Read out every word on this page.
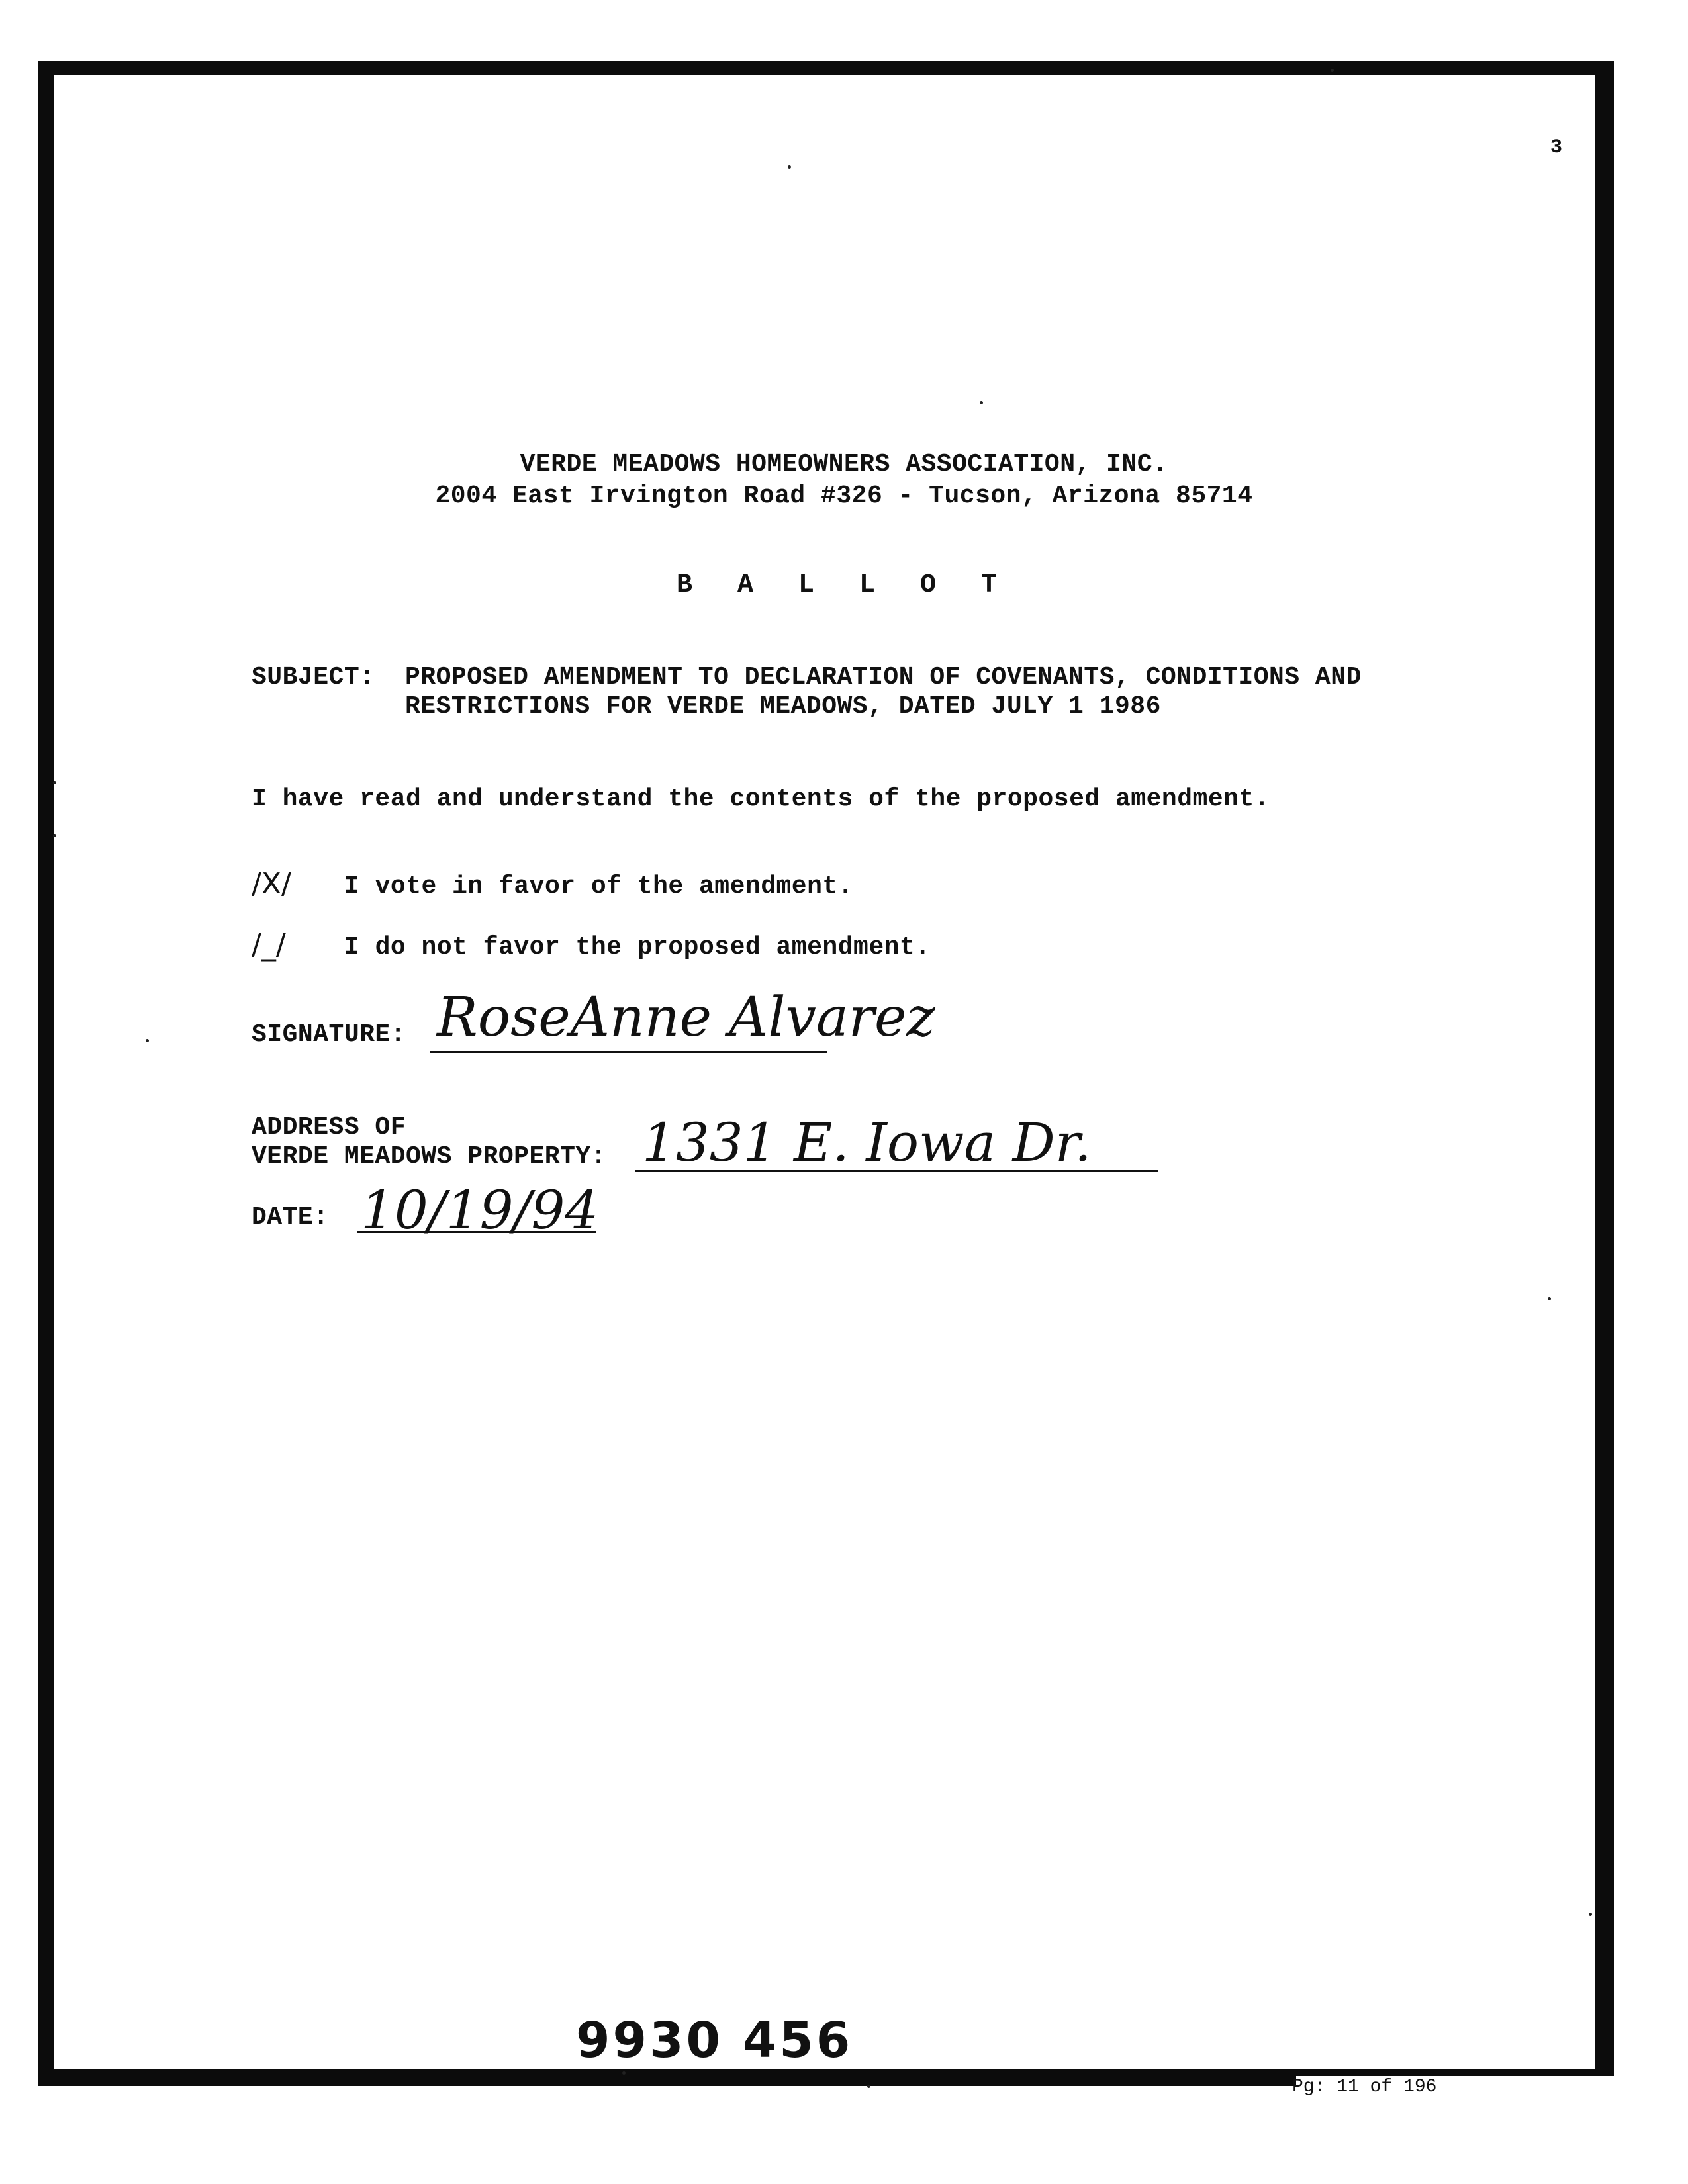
3
VERDE MEADOWS HOMEOWNERS ASSOCIATION, INC.
2004 East Irvington Road #326 - Tucson, Arizona 85714
B A L L O T
SUBJECT: PROPOSED AMENDMENT TO DECLARATION OF COVENANTS, CONDITIONS AND
RESTRICTIONS FOR VERDE MEADOWS, DATED JULY 1 1986
I have read and understand the contents of the proposed amendment.
/X/ I vote in favor of the amendment.
/_/ I do not favor the proposed amendment.
SIGNATURE: RoseAnne Alvarez
ADDRESS OF
VERDE MEADOWS PROPERTY: 1331 E. Iowa Dr.
DATE: 10/19/94
9930 456
Pg: 11 of 196
